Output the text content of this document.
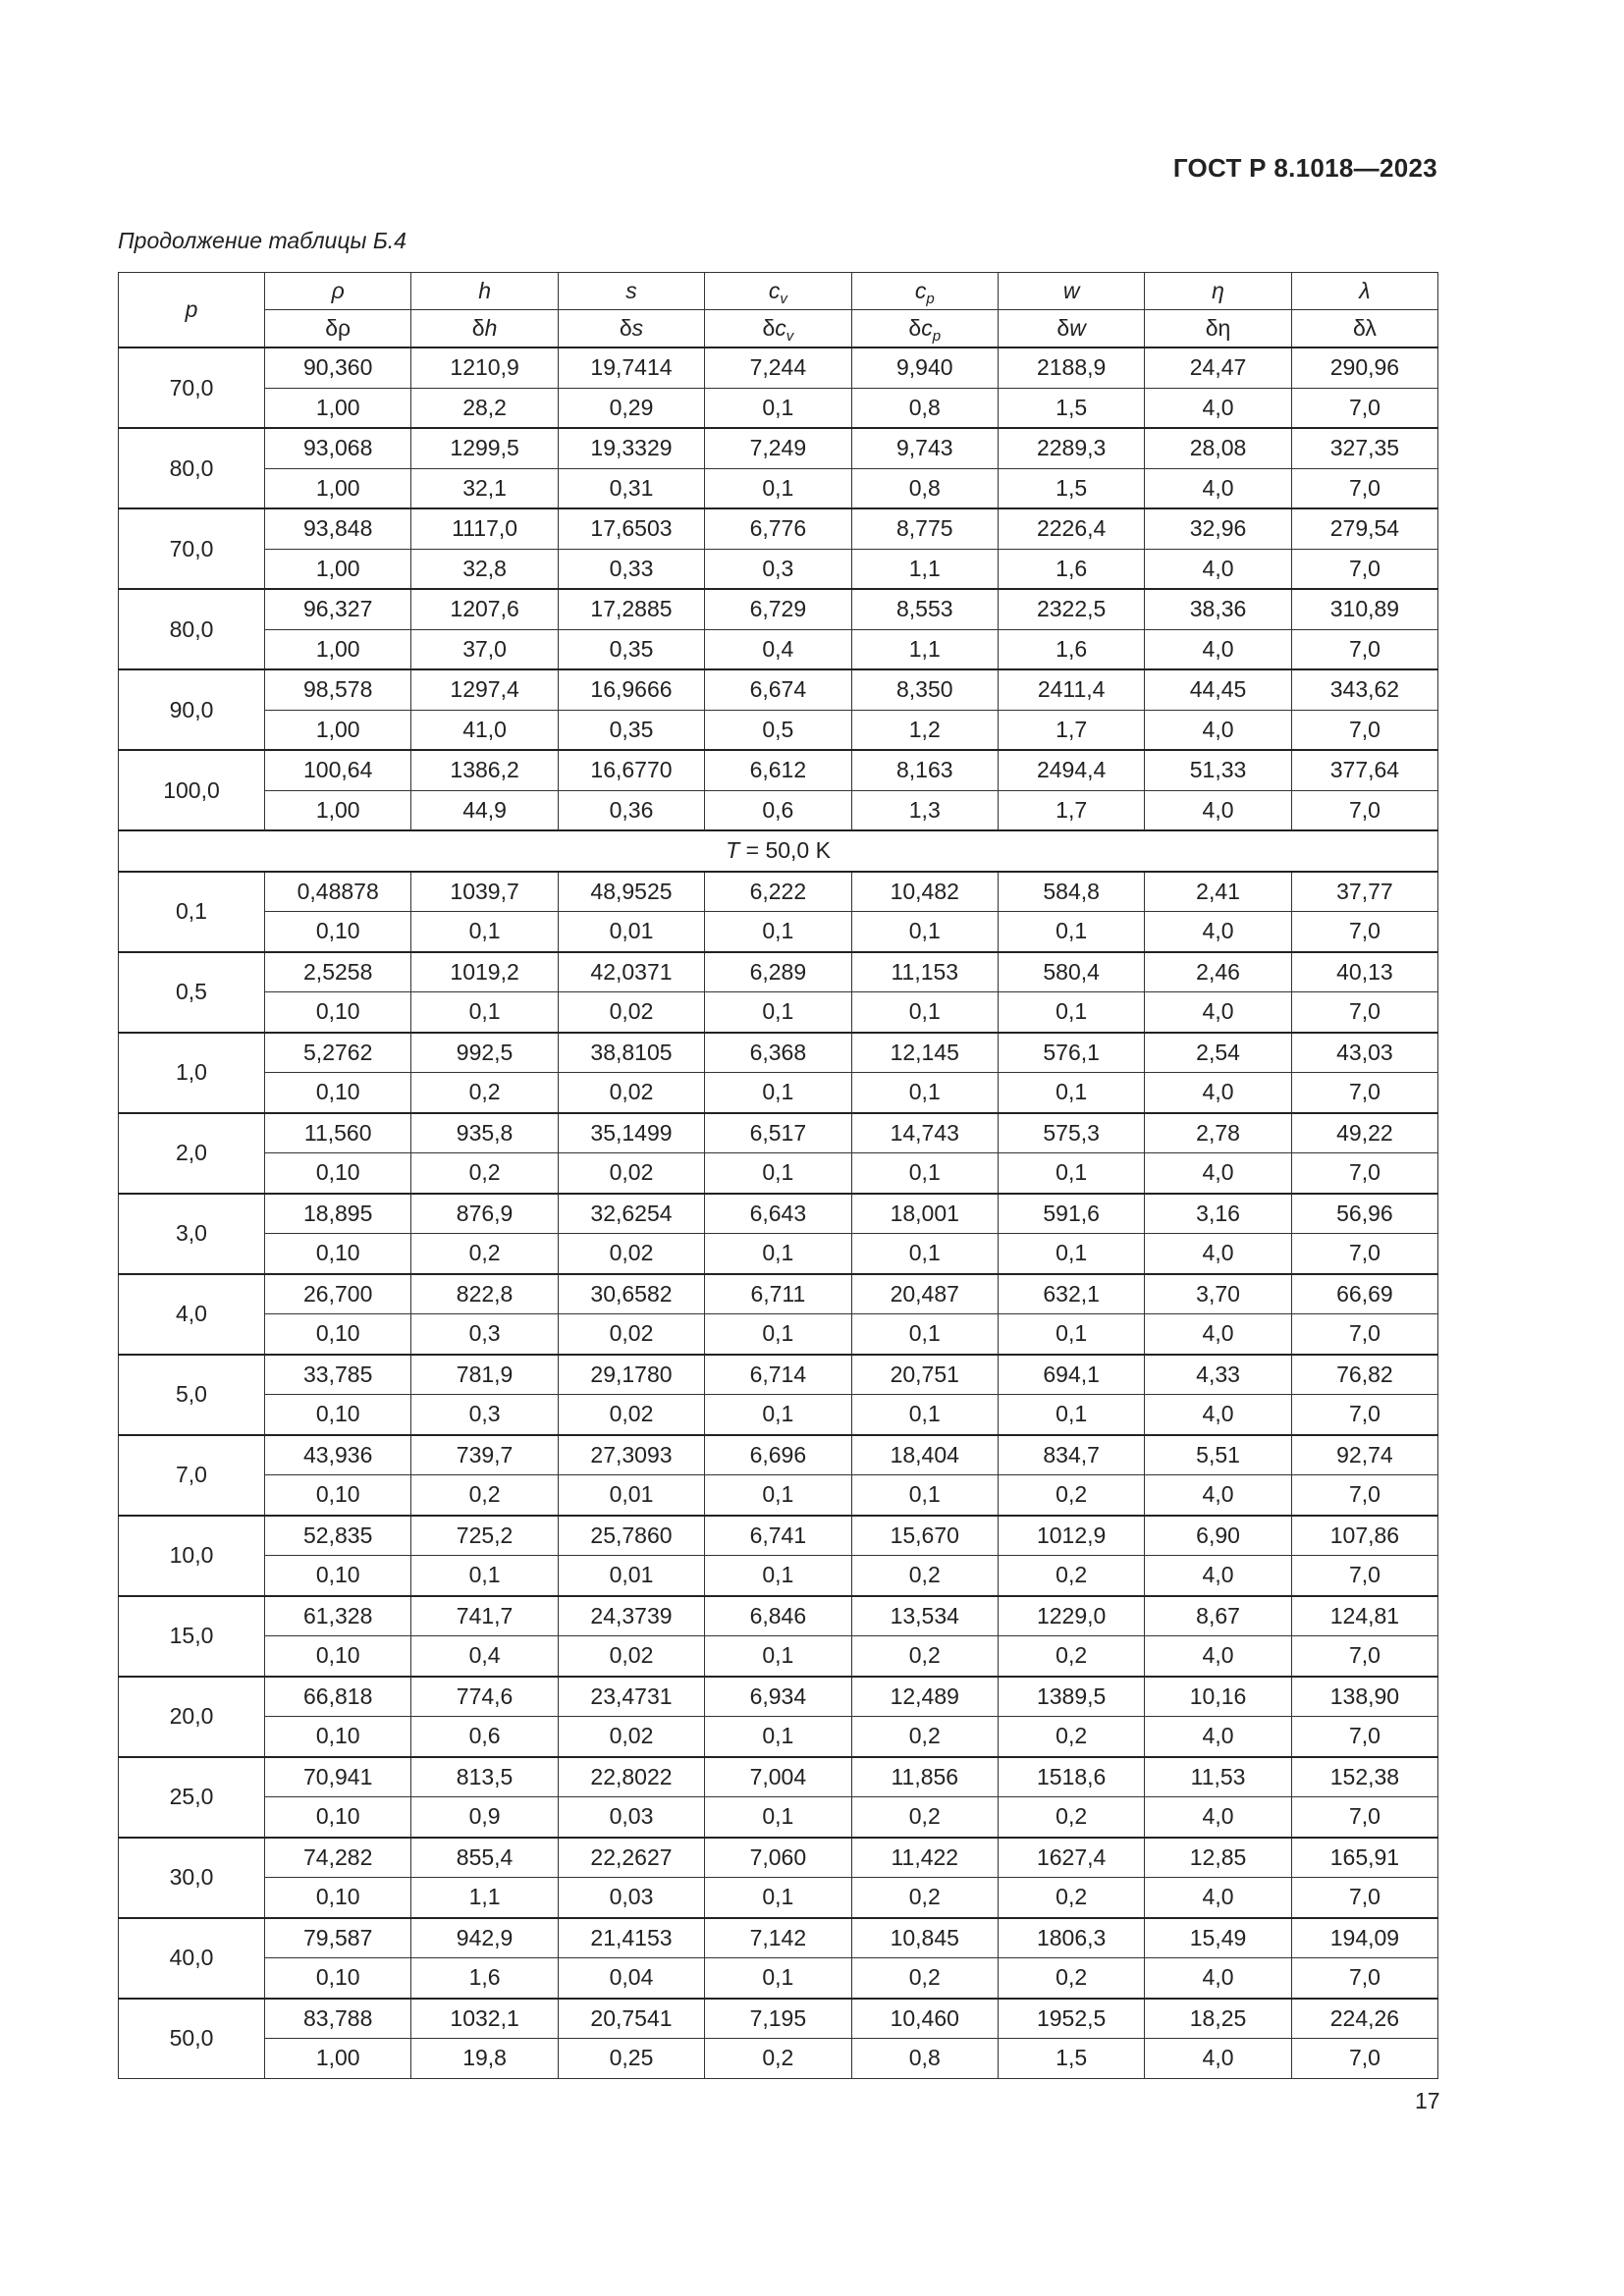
ГОСТ Р 8.1018—2023
Продолжение таблицы Б.4
p	ρ	h	s	$c_v$	$c_p$	w	η	λ
	δρ	δh	δs	$\delta c_v$	$\delta c_p$	δw	δη	δλ
70,0	90,360	1210,9	19,7414	7,244	9,940	2188,9	24,47	290,96
	1,00	28,2	0,29	0,1	0,8	1,5	4,0	7,0
80,0	93,068	1299,5	19,3329	7,249	9,743	2289,3	28,08	327,35
	1,00	32,1	0,31	0,1	0,8	1,5	4,0	7,0
70,0	93,848	1117,0	17,6503	6,776	8,775	2226,4	32,96	279,54
	1,00	32,8	0,33	0,3	1,1	1,6	4,0	7,0
80,0	96,327	1207,6	17,2885	6,729	8,553	2322,5	38,36	310,89
	1,00	37,0	0,35	0,4	1,1	1,6	4,0	7,0
90,0	98,578	1297,4	16,9666	6,674	8,350	2411,4	44,45	343,62
	1,00	41,0	0,35	0,5	1,2	1,7	4,0	7,0
100,0	100,64	1386,2	16,6770	6,612	8,163	2494,4	51,33	377,64
	1,00	44,9	0,36	0,6	1,3	1,7	4,0	7,0
T = 50,0 K								
0,1	0,48878	1039,7	48,9525	6,222	10,482	584,8	2,41	37,77
	0,10	0,1	0,01	0,1	0,1	0,1	4,0	7,0
0,5	2,5258	1019,2	42,0371	6,289	11,153	580,4	2,46	40,13
	0,10	0,1	0,02	0,1	0,1	0,1	4,0	7,0
1,0	5,2762	992,5	38,8105	6,368	12,145	576,1	2,54	43,03
	0,10	0,2	0,02	0,1	0,1	0,1	4,0	7,0
2,0	11,560	935,8	35,1499	6,517	14,743	575,3	2,78	49,22
	0,10	0,2	0,02	0,1	0,1	0,1	4,0	7,0
3,0	18,895	876,9	32,6254	6,643	18,001	591,6	3,16	56,96
	0,10	0,2	0,02	0,1	0,1	0,1	4,0	7,0
4,0	26,700	822,8	30,6582	6,711	20,487	632,1	3,70	66,69
	0,10	0,3	0,02	0,1	0,1	0,1	4,0	7,0
5,0	33,785	781,9	29,1780	6,714	20,751	694,1	4,33	76,82
	0,10	0,3	0,02	0,1	0,1	0,1	4,0	7,0
7,0	43,936	739,7	27,3093	6,696	18,404	834,7	5,51	92,74
	0,10	0,2	0,01	0,1	0,1	0,2	4,0	7,0
10,0	52,835	725,2	25,7860	6,741	15,670	1012,9	6,90	107,86
	0,10	0,1	0,01	0,1	0,2	0,2	4,0	7,0
15,0	61,328	741,7	24,3739	6,846	13,534	1229,0	8,67	124,81
	0,10	0,4	0,02	0,1	0,2	0,2	4,0	7,0
20,0	66,818	774,6	23,4731	6,934	12,489	1389,5	10,16	138,90
	0,10	0,6	0,02	0,1	0,2	0,2	4,0	7,0
25,0	70,941	813,5	22,8022	7,004	11,856	1518,6	11,53	152,38
	0,10	0,9	0,03	0,1	0,2	0,2	4,0	7,0
30,0	74,282	855,4	22,2627	7,060	11,422	1627,4	12,85	165,91
	0,10	1,1	0,03	0,1	0,2	0,2	4,0	7,0
40,0	79,587	942,9	21,4153	7,142	10,845	1806,3	15,49	194,09
	0,10	1,6	0,04	0,1	0,2	0,2	4,0	7,0
50,0	83,788	1032,1	20,7541	7,195	10,460	1952,5	18,25	224,26
	1,00	19,8	0,25	0,2	0,8	1,5	4,0	7,0
17
